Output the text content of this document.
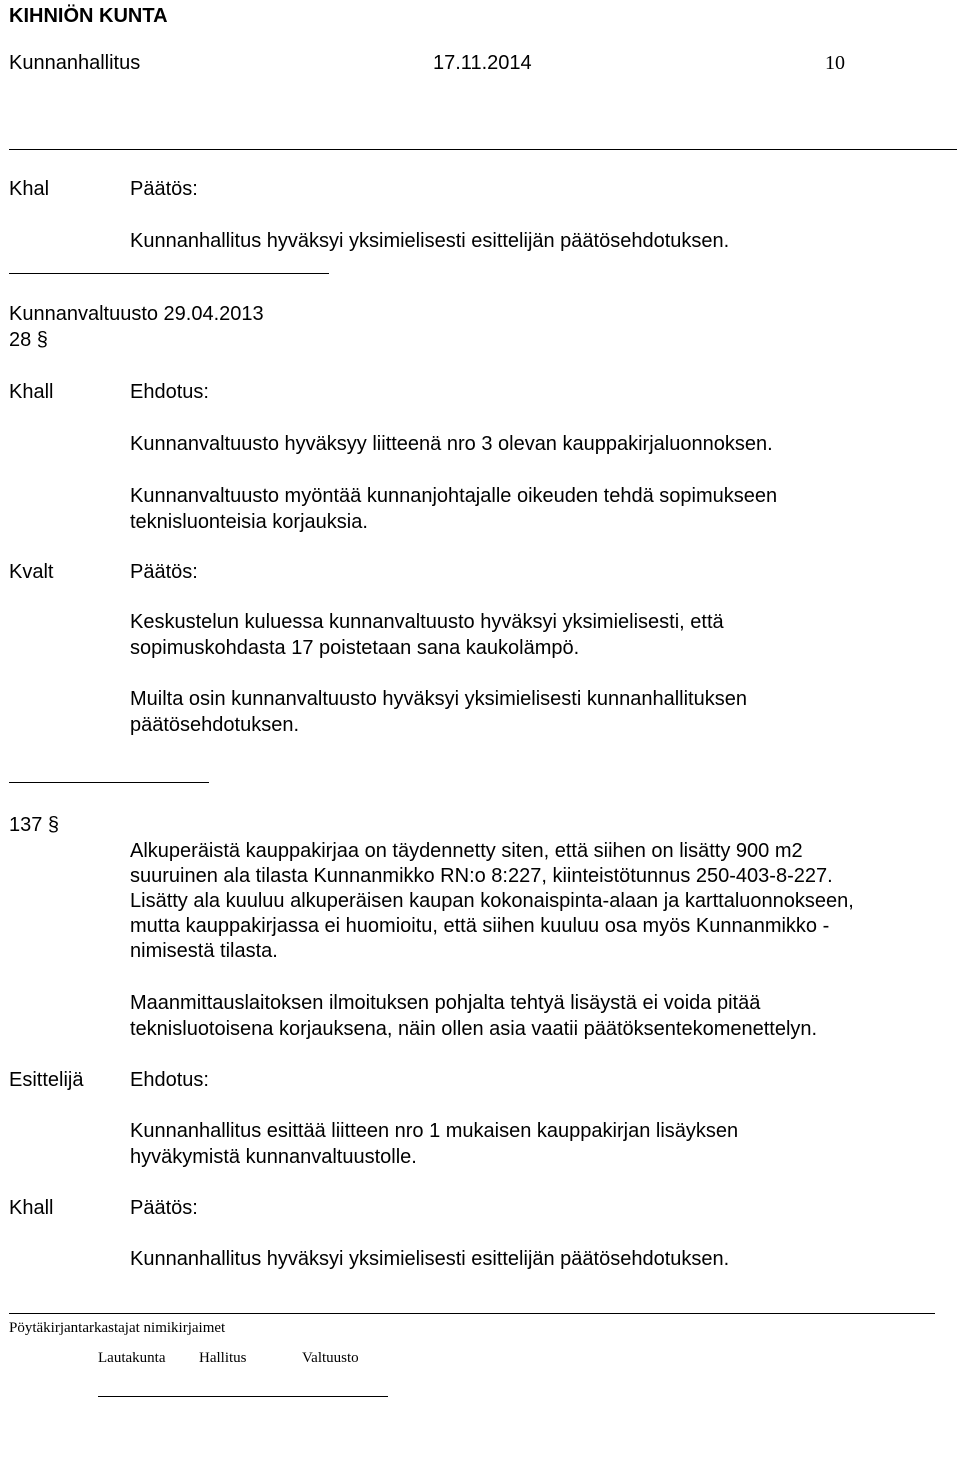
KIHNIÖN KUNTA
Kunnanhallitus	17.11.2014	10
Khal	Päätös:
Kunnanhallitus hyväksyi yksimielisesti esittelijän päätösehdotuksen.
Kunnanvaltuusto 29.04.2013
28 §
Khall	Ehdotus:
Kunnanvaltuusto hyväksyy liitteenä nro 3 olevan kauppakirjaluonnoksen.
Kunnanvaltuusto myöntää kunnanjohtajalle oikeuden tehdä sopimukseen
teknisluonteisia korjauksia.
Kvalt	Päätös:
Keskustelun kuluessa kunnanvaltuusto hyväksyi yksimielisesti, että
sopimuskohdasta 17 poistetaan sana kaukolämpö.
Muilta osin kunnanvaltuusto hyväksyi yksimielisesti kunnanhallituksen
päätösehdotuksen.
137 §
Alkuperäistä kauppakirjaa on täydennetty siten, että siihen on lisätty 900 m2
suuruinen ala tilasta Kunnanmikko RN:o 8:227, kiinteistötunnus 250-403-8-227.
Lisätty ala kuuluu alkuperäisen kaupan kokonaispinta-alaan ja karttaluonnokseen,
mutta kauppakirjassa ei huomioitu, että siihen kuuluu osa myös Kunnanmikko -
nimisestä tilasta.
Maanmittauslaitoksen ilmoituksen pohjalta tehtyä lisäystä ei voida pitää
teknisluotoisena korjauksena, näin ollen asia vaatii päätöksentekomenettelyn.
Esittelijä Ehdotus:
Kunnanhallitus esittää liitteen nro 1 mukaisen kauppakirjan lisäyksen
hyväkymistä kunnanvaltuustolle.
Khall	Päätös:
Kunnanhallitus hyväksyi yksimielisesti esittelijän päätösehdotuksen.
Pöytäkirjantarkastajat nimikirjaimet
Lautakunta Hallitus	Valtuusto
